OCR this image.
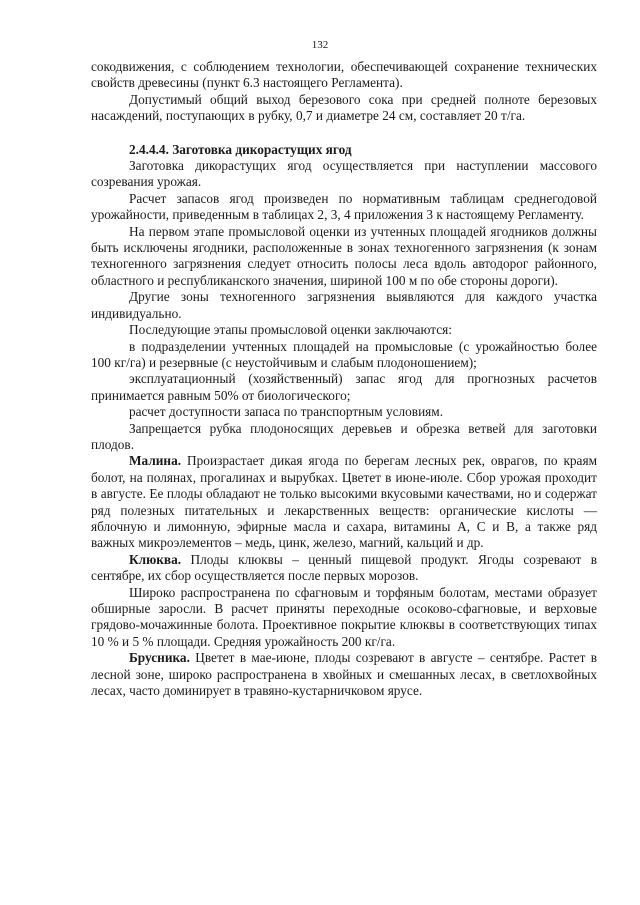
132

сокодвижения, с соблюдением технологии, обеспечивающей сохранение технических свойств древесины (пункт 6.3 настоящего Регламента).

Допустимый общий выход березового сока при средней полноте березовых насаждений, поступающих в рубку, 0,7 и диаметре 24 см, составляет 20 т/га.

2.4.4.4. Заготовка дикорастущих ягод

Заготовка дикорастущих ягод осуществляется при наступлении массового созревания урожая.

Расчет запасов ягод произведен по нормативным таблицам среднегодовой урожайности, приведенным в таблицах 2, 3, 4 приложения 3 к настоящему Регламенту.

На первом этапе промысловой оценки из учтенных площадей ягодников должны быть исключены ягодники, расположенные в зонах техногенного загрязнения (к зонам техногенного загрязнения следует относить полосы леса вдоль автодорог районного, областного и республиканского значения, шириной 100 м по обе стороны дороги).

Другие зоны техногенного загрязнения выявляются для каждого участка индивидуально.

Последующие этапы промысловой оценки заключаются:

в подразделении учтенных площадей на промысловые (с урожайностью более 100 кг/га) и резервные (с неустойчивым и слабым плодоношением);

эксплуатационный (хозяйственный) запас ягод для прогнозных расчетов принимается равным 50% от биологического;

расчет доступности запаса по транспортным условиям.

Запрещается рубка плодоносящих деревьев и обрезка ветвей для заготовки плодов.

Малина. Произрастает дикая ягода по берегам лесных рек, оврагов, по краям болот, на полянах, прогалинах и вырубках. Цветет в июне-июле. Сбор урожая проходит в августе. Ее плоды обладают не только высокими вкусовыми качествами, но и содержат ряд полезных питательных и лекарственных веществ: органические кислоты — яблочную и лимонную, эфирные масла и сахара, витамины А, С и В, а также ряд важных микроэлементов – медь, цинк, железо, магний, кальций и др.

Клюква. Плоды клюквы – ценный пищевой продукт. Ягоды созревают в сентябре, их сбор осуществляется после первых морозов.

Широко распространена по сфагновым и торфяным болотам, местами образует обширные заросли. В расчет приняты переходные осоково-сфагновые, и верховые грядово-мочажинные болота. Проективное покрытие клюквы в соответствующих типах 10 % и 5 % площади. Средняя урожайность 200 кг/га.

Брусника. Цветет в мае-июне, плоды созревают в августе – сентябре. Растет в лесной зоне, широко распространена в хвойных и смешанных лесах, в светлохвойных лесах, часто доминирует в травяно-кустарничковом ярусе.
